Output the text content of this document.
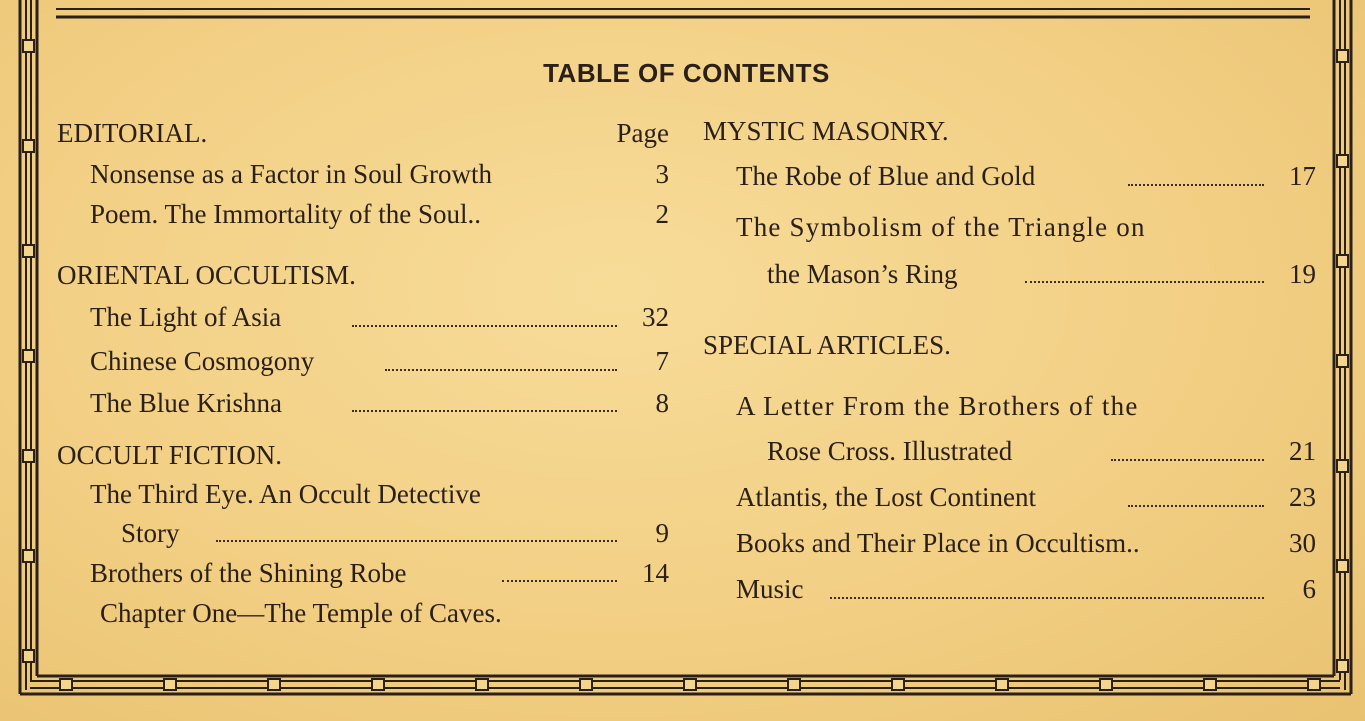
TABLE OF CONTENTS
EDITORIAL.	Page
Nonsense as a Factor in Soul Growth	3
Poem. The Immortality of the Soul..	2
ORIENTAL OCCULTISM.
The Light of Asia	32
Chinese Cosmogony	7
The Blue Krishna	8
OCCULT FICTION.
The Third Eye. An Occult Detective
Story	9
Brothers of the Shining Robe	14
Chapter One—The Temple of Caves.
MYSTIC MASONRY.
The Robe of Blue and Gold	17
The Symbolism of the Triangle on
the Mason’s Ring	19
SPECIAL ARTICLES.
A Letter From the Brothers of the
Rose Cross. Illustrated	21
Atlantis, the Lost Continent	23
Books and Their Place in Occultism..	30
Music	6
